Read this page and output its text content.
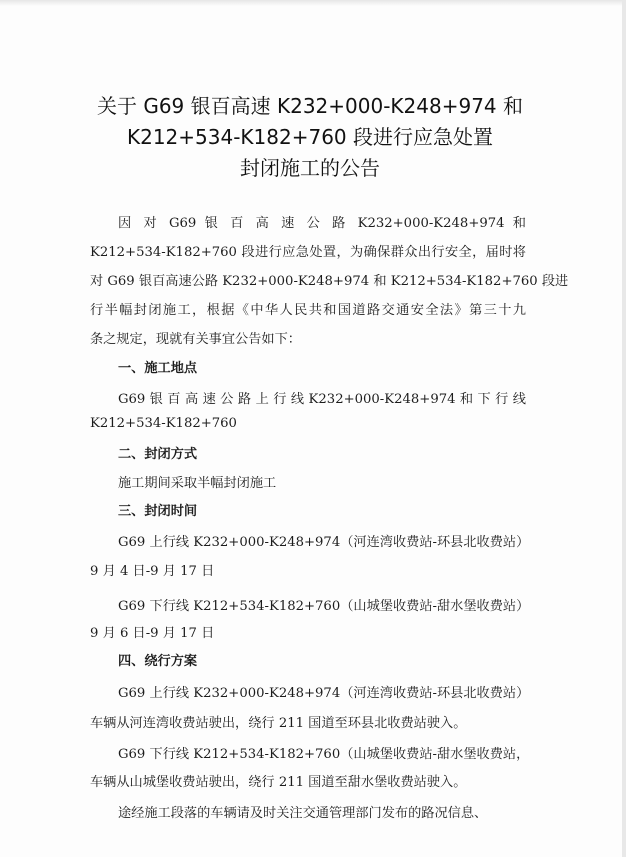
关于 G69 银百高速 K232+000-K248+974 和
K212+534-K182+760 段进行应急处置
封闭施工的公告
因 对 G69 银 百 高 速 公 路 K232+000-K248+974 和
K212+534-K182+760 段进行应急处置，为确保群众出行安全，届时将
对 G69 银百高速公路 K232+000-K248+974 和 K212+534-K182+760 段进
行半幅封闭施工，根据《中华人民共和国道路交通安全法》第三十九
条之规定，现就有关事宜公告如下：
一、施工地点
G69 银 百 高 速 公 路 上 行 线 K232+000-K248+974 和 下 行 线
K212+534-K182+760
二、封闭方式
施工期间采取半幅封闭施工
三、封闭时间
G69 上行线 K232+000-K248+974（河连湾收费站-环县北收费站）
9 月 4 日-9 月 17 日
G69 下行线 K212+534-K182+760（山城堡收费站-甜水堡收费站）
9 月 6 日-9 月 17 日
四、绕行方案
G69 上行线 K232+000-K248+974（河连湾收费站-环县北收费站）
车辆从河连湾收费站驶出，绕行 211 国道至环县北收费站驶入。
G69 下行线 K212+534-K182+760（山城堡收费站-甜水堡收费站，
车辆从山城堡收费站驶出，绕行 211 国道至甜水堡收费站驶入。
途经施工段落的车辆请及时关注交通管理部门发布的路况信息、
